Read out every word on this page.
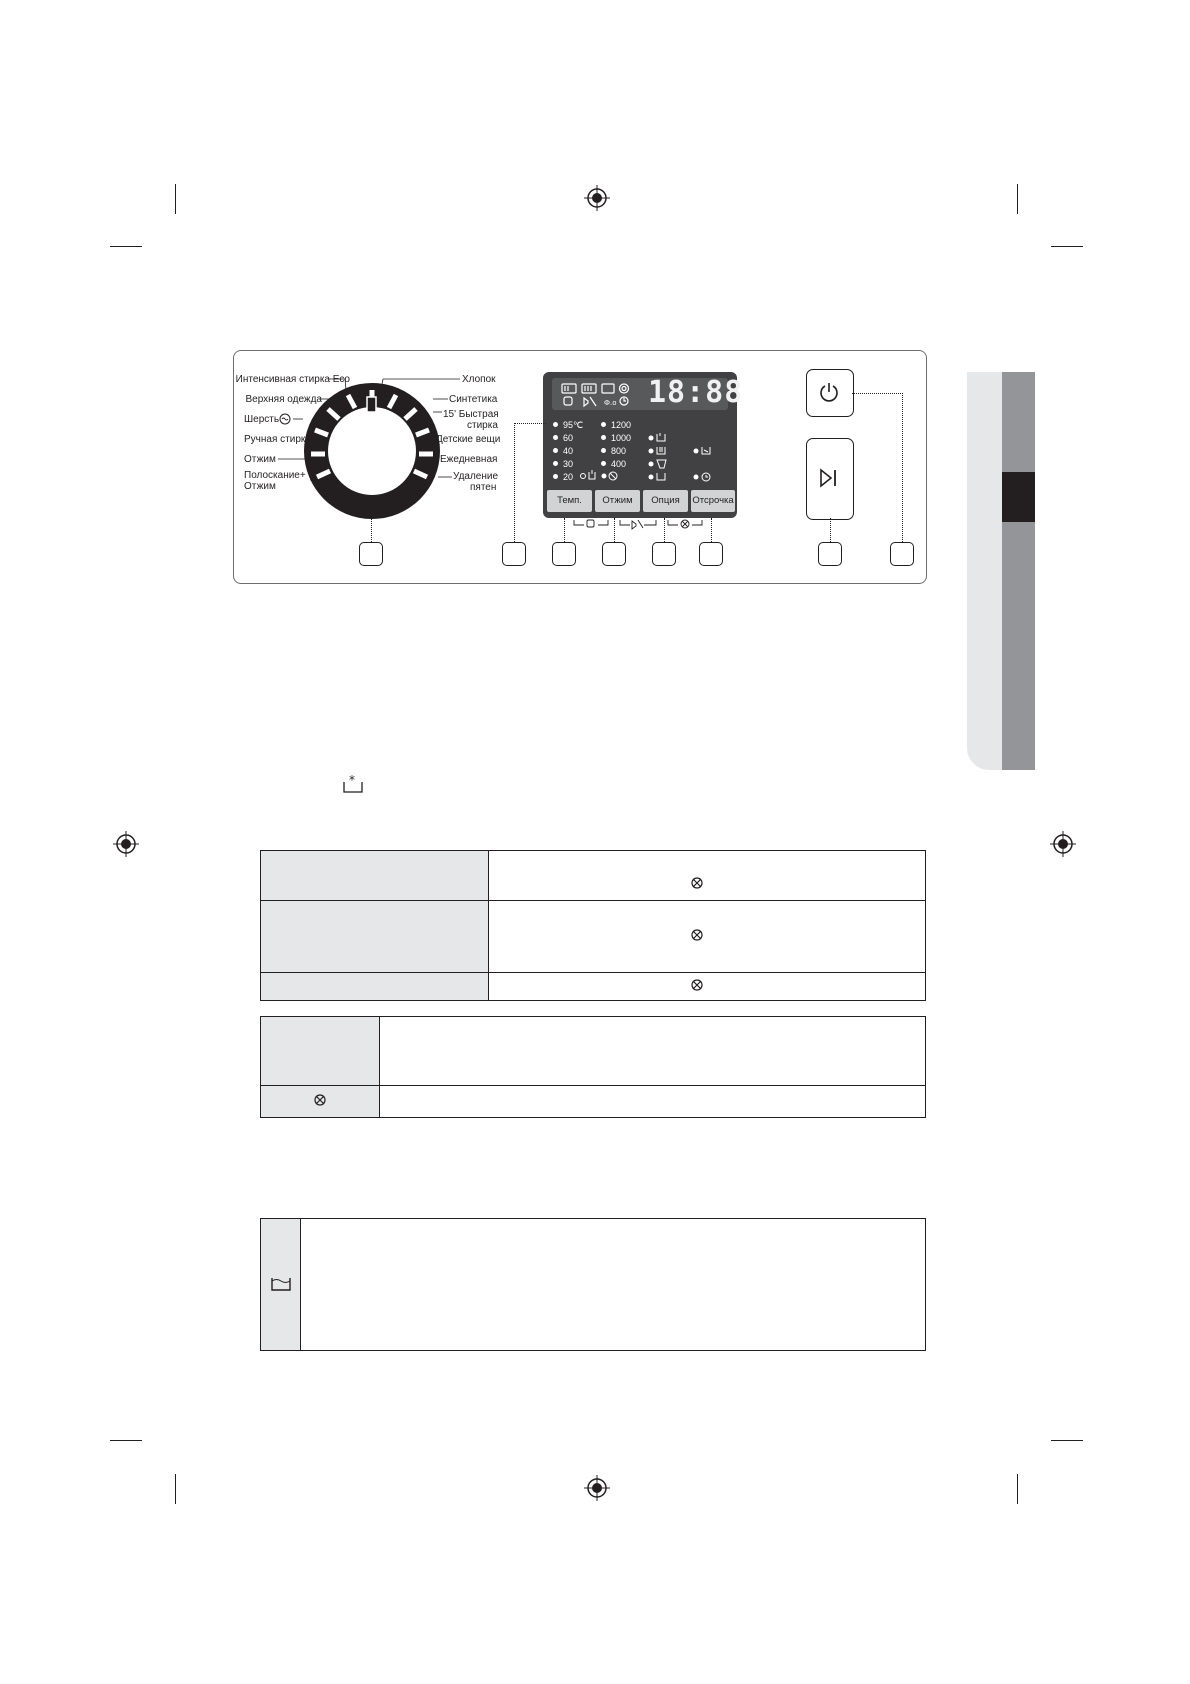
Интенсивная стирка Eco
Верхняя одежда
Шерсть
Ручная стирка
Отжим
Полоскание+
Отжим
Хлопок
Синтетика
15' Быстрая
стирка
Детские вещи
Ежедневная
Удаление
пятен
Ф.о 18:88
95℃
60
40
30
20
1200
1000
800
400
Темп.	Отжим	Опция	Отсрочка
*
